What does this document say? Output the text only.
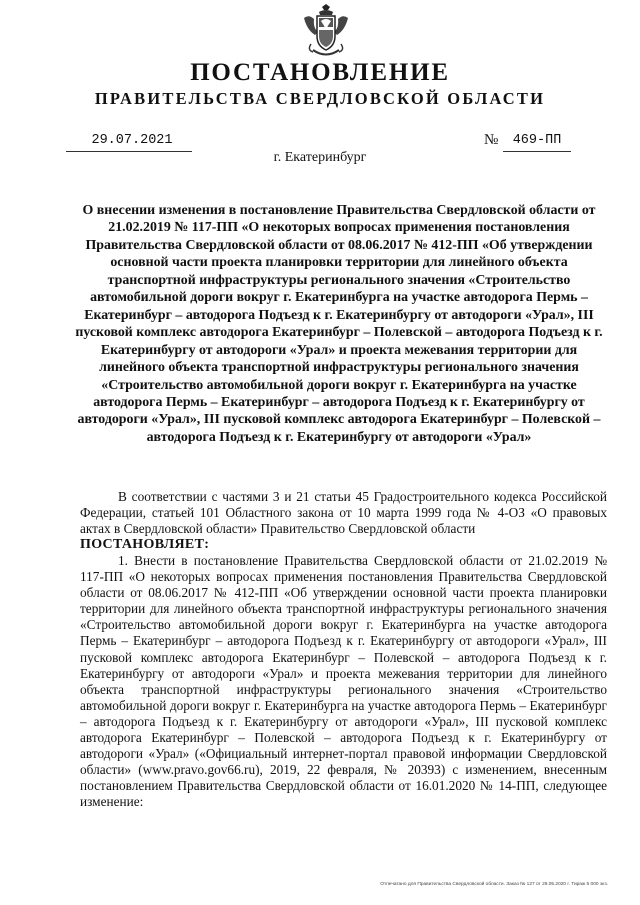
ПОСТАНОВЛЕНИЕ
ПРАВИТЕЛЬСТВА СВЕРДЛОВСКОЙ ОБЛАСТИ
29.07.2021	№	469-ПП
г. Екатеринбург

О внесении изменения в постановление Правительства Свердловской области от 21.02.2019 № 117-ПП «О некоторых вопросах применения постановления Правительства Свердловской области от 08.06.2017 № 412-ПП «Об утверждении основной части проекта планировки территории для линейного объекта транспортной инфраструктуры регионального значения «Строительство автомобильной дороги вокруг г. Екатеринбурга на участке автодорога Пермь – Екатеринбург – автодорога Подъезд к г. Екатеринбургу от автодороги «Урал», III пусковой комплекс автодорога Екатеринбург – Полевской – автодорога Подъезд к г. Екатеринбургу от автодороги «Урал» и проекта межевания территории для линейного объекта транспортной инфраструктуры регионального значения «Строительство автомобильной дороги вокруг г. Екатеринбурга на участке автодорога Пермь – Екатеринбург – автодорога Подъезд к г. Екатеринбургу от автодороги «Урал», III пусковой комплекс автодорога Екатеринбург – Полевской – автодорога Подъезд к г. Екатеринбургу от автодороги «Урал»

В соответствии с частями 3 и 21 статьи 45 Градостроительного кодекса Российской Федерации, статьей 101 Областного закона от 10 марта 1999 года № 4-ОЗ «О правовых актах в Свердловской области» Правительство Свердловской области

ПОСТАНОВЛЯЕТ:

1. Внести в постановление Правительства Свердловской области от 21.02.2019 № 117-ПП «О некоторых вопросах применения постановления Правительства Свердловской области от 08.06.2017 № 412-ПП «Об утверждении основной части проекта планировки территории для линейного объекта транспортной инфраструктуры регионального значения «Строительство автомобильной дороги вокруг г. Екатеринбурга на участке автодорога Пермь – Екатеринбург – автодорога Подъезд к г. Екатеринбургу от автодороги «Урал», III пусковой комплекс автодорога Екатеринбург – Полевской – автодорога Подъезд к г. Екатеринбургу от автодороги «Урал» и проекта межевания территории для линейного объекта транспортной инфраструктуры регионального значения «Строительство автомобильной дороги вокруг г. Екатеринбурга на участке автодорога Пермь – Екатеринбург – автодорога Подъезд к г. Екатеринбургу от автодороги «Урал», III пусковой комплекс автодорога Екатеринбург – Полевской – автодорога Подъезд к г. Екатеринбургу от автодороги «Урал» («Официальный интернет-портал правовой информации Свердловской области» (www.pravo.gov66.ru), 2019, 22 февраля, № 20393) с изменением, внесенным постановлением Правительства Свердловской области от 16.01.2020 № 14-ПП, следующее изменение:

Отпечатано для Правительства Свердловской области. Заказ № 127 от 29.05.2020 г. Тираж 5 000 экз.
